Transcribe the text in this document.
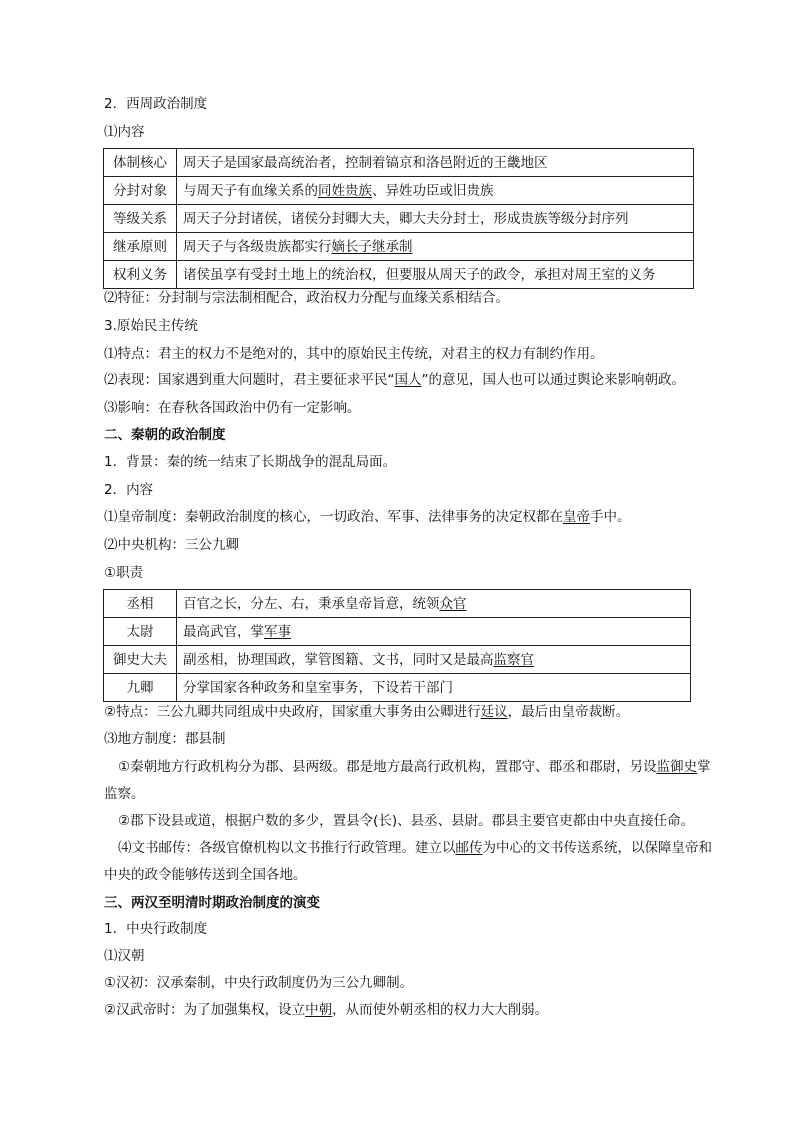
2．西周政治制度
⑴内容
体制核心	周天子是国家最高统治者，控制着镐京和洛邑附近的王畿地区
分封对象	与周天子有血缘关系的同姓贵族、异姓功臣或旧贵族
等级关系	周天子分封诸侯，诸侯分封卿大夫，卿大夫分封士，形成贵族等级分封序列
继承原则	周天子与各级贵族都实行嫡长子继承制
权利义务	诸侯虽享有受封土地上的统治权，但要服从周天子的政令，承担对周王室的义务
⑵特征：分封制与宗法制相配合，政治权力分配与血缘关系相结合。
3.原始民主传统
⑴特点：君主的权力不是绝对的，其中的原始民主传统，对君主的权力有制约作用。
⑵表现：国家遇到重大问题时，君主要征求平民“国人”的意见，国人也可以通过舆论来影响朝政。
⑶影响：在春秋各国政治中仍有一定影响。
二、秦朝的政治制度
1．背景：秦的统一结束了长期战争的混乱局面。
2．内容
⑴皇帝制度：秦朝政治制度的核心，一切政治、军事、法律事务的决定权都在皇帝手中。
⑵中央机构：三公九卿
①职责
丞相	百官之长，分左、右，秉承皇帝旨意，统领众官
太尉	最高武官，掌军事
御史大夫	副丞相，协理国政，掌管图籍、文书，同时又是最高监察官
九卿	分掌国家各种政务和皇室事务，下设若干部门
②特点：三公九卿共同组成中央政府，国家重大事务由公卿进行廷议，最后由皇帝裁断。
⑶地方制度：郡县制
①秦朝地方行政机构分为郡、县两级。郡是地方最高行政机构，置郡守、郡丞和郡尉，另设监御史掌
监察。
②郡下设县或道，根据户数的多少，置县令(长)、县丞、县尉。郡县主要官吏都由中央直接任命。
⑷文书邮传：各级官僚机构以文书推行行政管理。建立以邮传为中心的文书传送系统，以保障皇帝和
中央的政令能够传送到全国各地。
三、两汉至明清时期政治制度的演变
1．中央行政制度
⑴汉朝
①汉初：汉承秦制，中央行政制度仍为三公九卿制。
②汉武帝时：为了加强集权，设立中朝，从而使外朝丞相的权力大大削弱。
